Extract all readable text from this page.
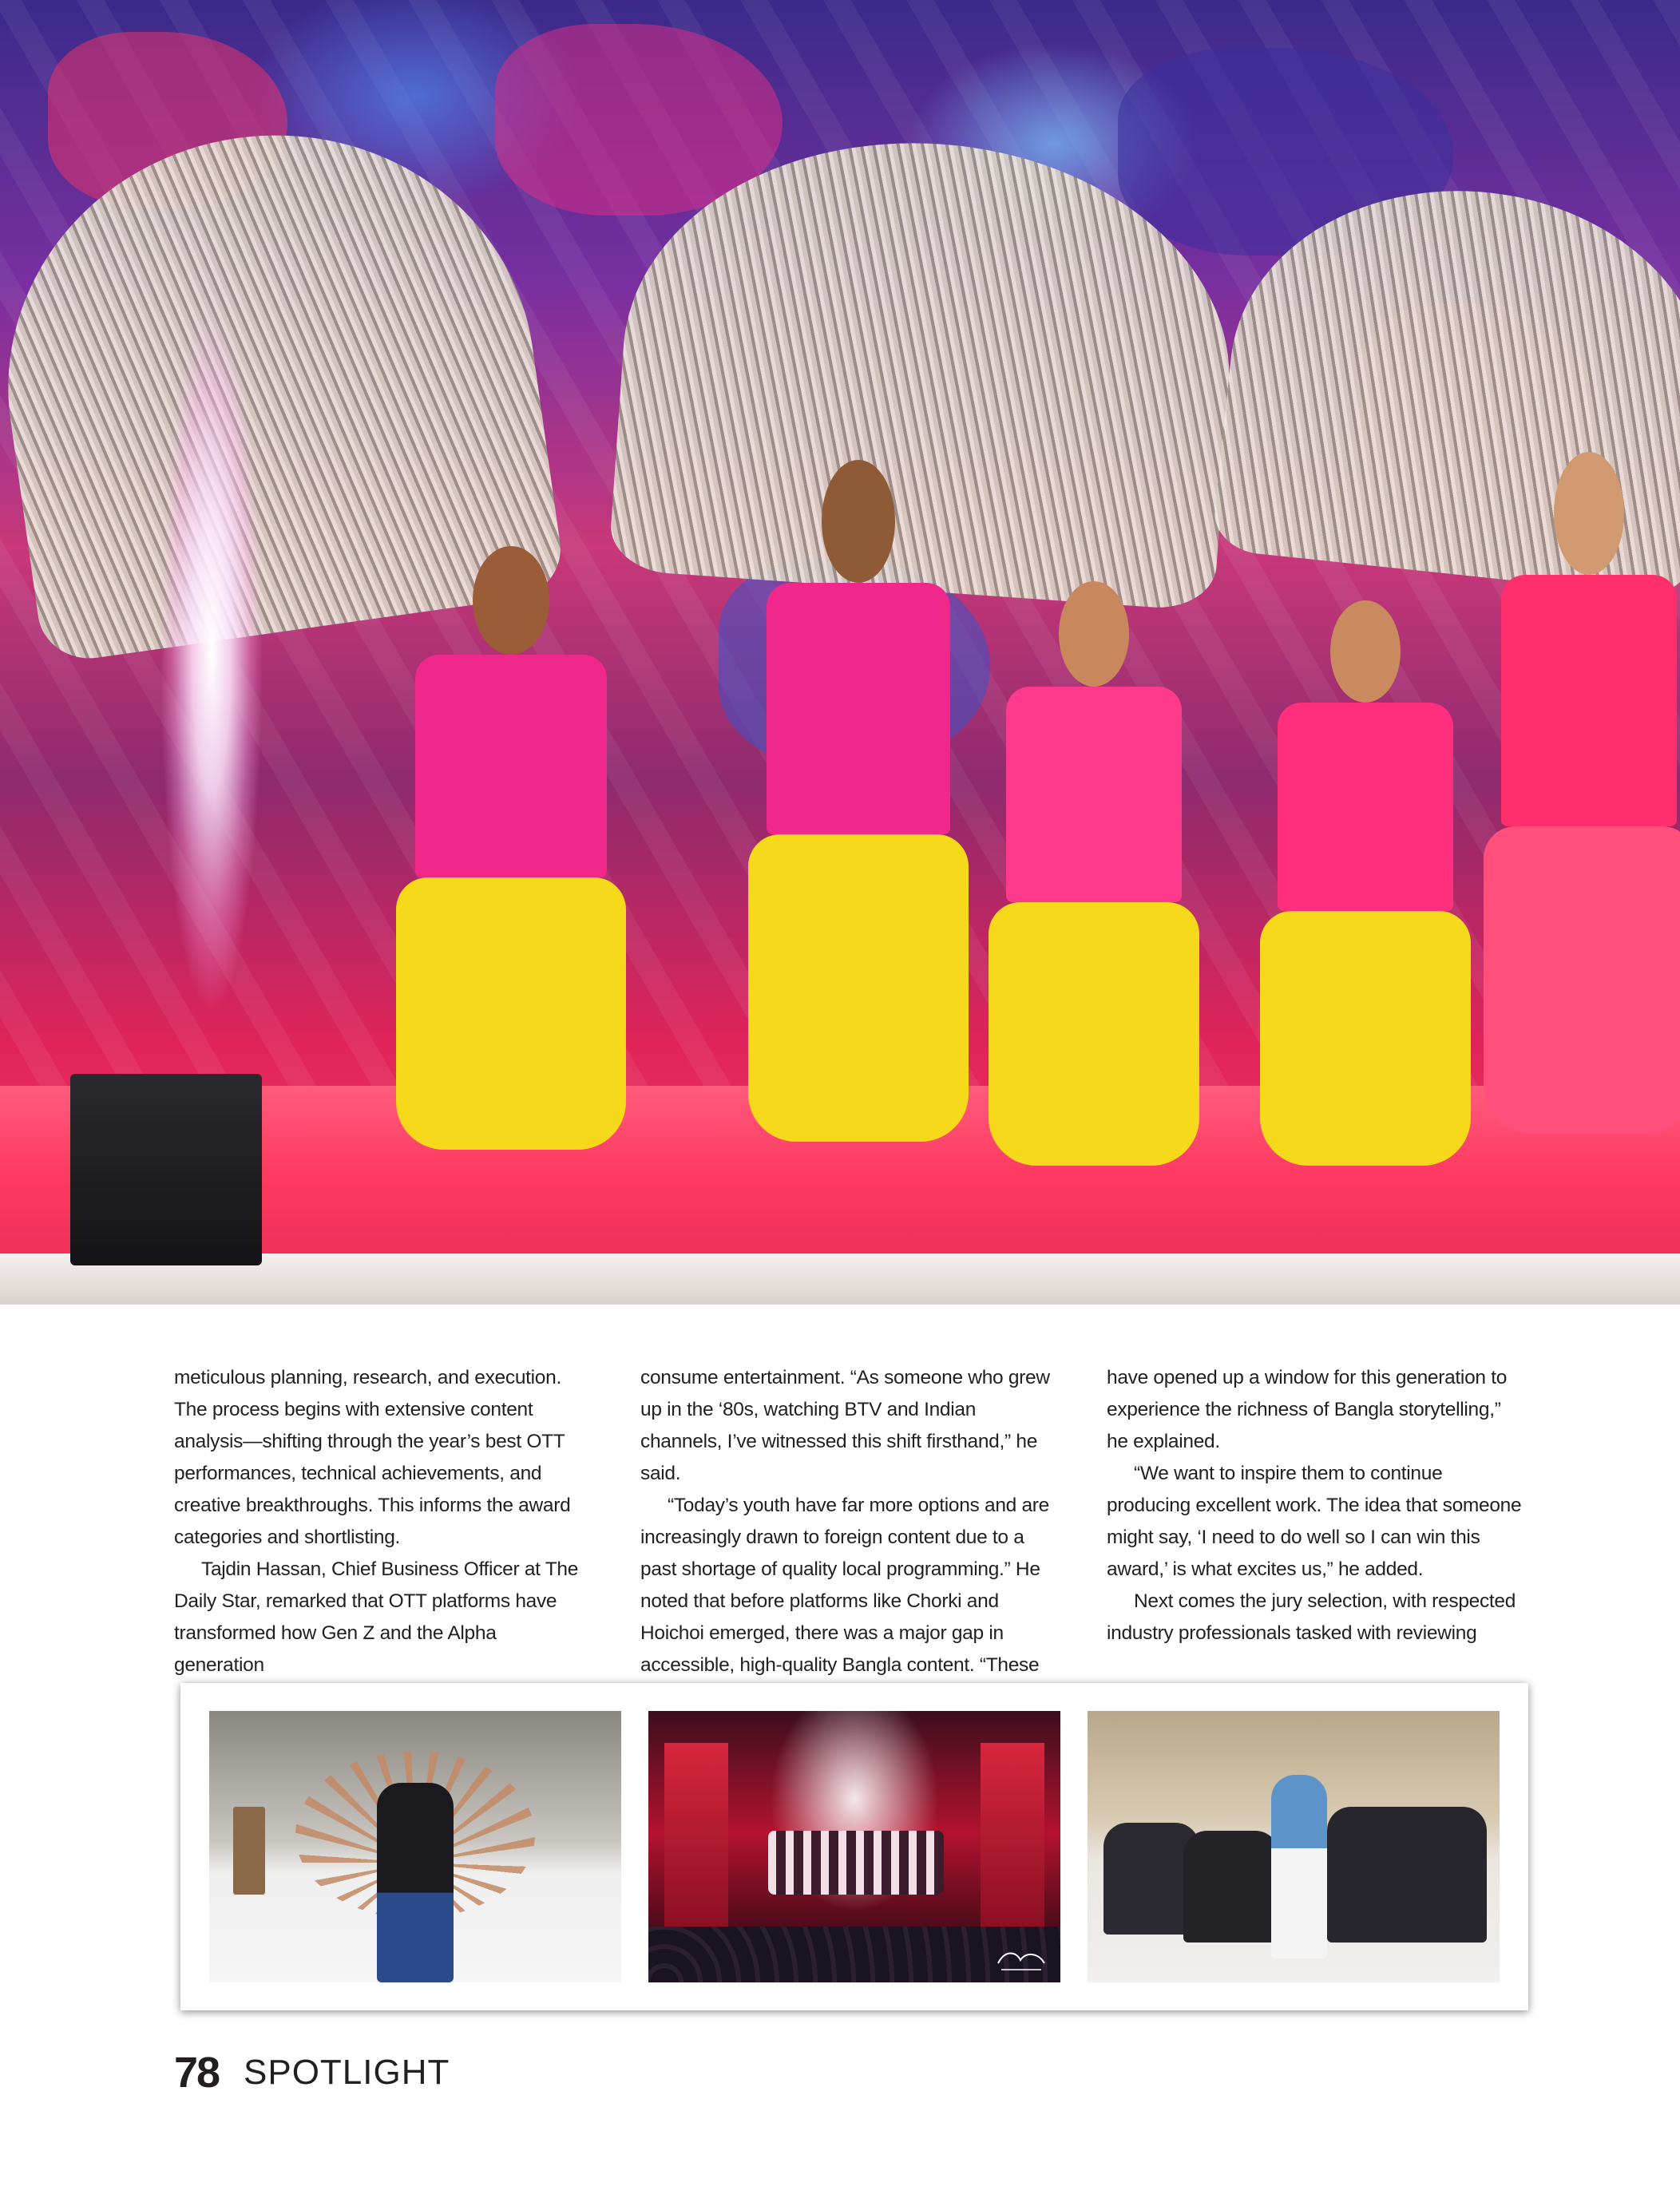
meticulous planning, research, and execution. The process begins with extensive content analysis—shifting through the year’s best OTT performances, technical achievements, and creative breakthroughs. This informs the award categories and shortlisting.

Tajdin Hassan, Chief Business Officer at The Daily Star, remarked that OTT platforms have transformed how Gen Z and the Alpha generation

consume entertainment. “As someone who grew up in the ‘80s, watching BTV and Indian channels, I’ve witnessed this shift firsthand,” he said.

“Today’s youth have far more options and are increasingly drawn to foreign content due to a past shortage of quality local programming.” He noted that before platforms like Chorki and Hoichoi emerged, there was a major gap in accessible, high-quality Bangla content. “These

have opened up a window for this generation to experience the richness of Bangla storytelling,” he explained.

“We want to inspire them to continue producing excellent work. The idea that someone might say, ‘I need to do well so I can win this award,’ is what excites us,” he added.

Next comes the jury selection, with respected industry professionals tasked with reviewing

78 SPOTLIGHT
